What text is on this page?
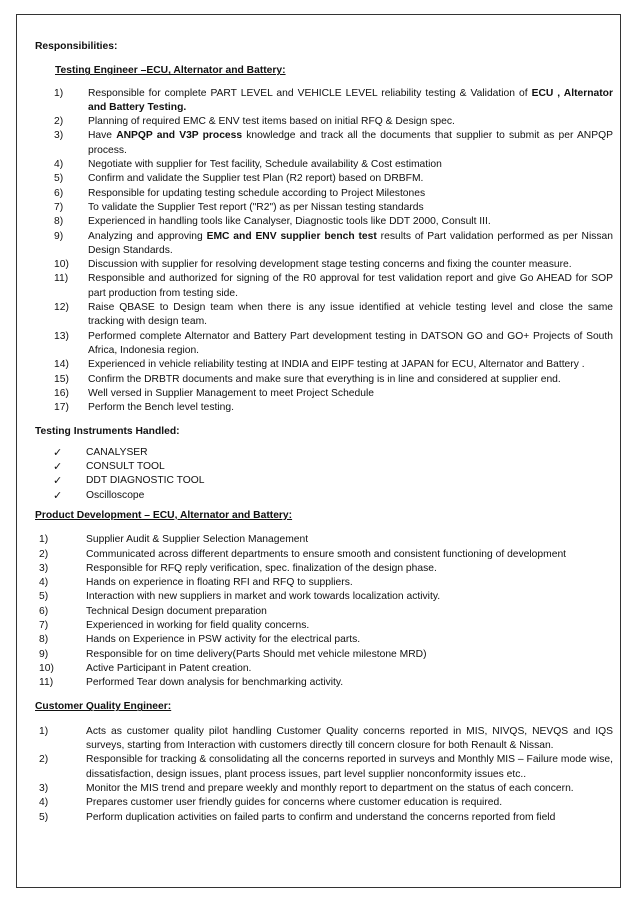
Responsibilities:
Testing Engineer –ECU, Alternator and Battery:
1)	Responsible for complete PART LEVEL and VEHICLE LEVEL reliability testing & Validation of ECU , Alternator and Battery Testing.
2)	Planning of required EMC & ENV test items based on initial RFQ & Design spec.
3)	Have ANPQP and V3P process knowledge and track all the documents that supplier to submit as per ANPQP process.
4)	Negotiate with supplier for Test facility, Schedule availability & Cost estimation
5)	Confirm and validate the Supplier test Plan (R2 report) based on DRBFM.
6)	Responsible for updating testing schedule according to Project Milestones
7)	To validate the Supplier Test report ("R2") as per Nissan testing standards
8)	Experienced in handling tools like Canalyser, Diagnostic tools like DDT 2000, Consult III.
9)	Analyzing and approving EMC and ENV supplier bench test results of Part validation performed as per Nissan Design Standards.
10)	Discussion with supplier for resolving development stage testing concerns and fixing the counter measure.
11)	Responsible and authorized for signing of the R0 approval for test validation report and give Go AHEAD for SOP part production from testing side.
12)	Raise QBASE to Design team when there is any issue identified at vehicle testing level and close the same tracking with design team.
13)	Performed complete Alternator and Battery Part development testing in DATSON GO and GO+ Projects of South Africa, Indonesia region.
14)	Experienced in vehicle reliability testing at INDIA and EIPF testing at JAPAN for ECU, Alternator and Battery .
15)	Confirm the DRBTR documents and make sure that everything is in line and considered at supplier end.
16)	Well versed in Supplier Management to meet Project Schedule
17)	Perform the Bench level testing.
Testing Instruments Handled:
✓	CANALYSER
✓	CONSULT TOOL
✓	DDT DIAGNOSTIC TOOL
✓	Oscilloscope
Product Development – ECU, Alternator and Battery:
1)	Supplier Audit & Supplier Selection Management
2)	Communicated across different departments to ensure smooth and consistent functioning of development
3)	Responsible for RFQ reply verification, spec. finalization of the design phase.
4)	Hands on experience in floating RFI and RFQ to suppliers.
5)	Interaction with new suppliers in market and work towards localization activity.
6)	Technical Design document preparation
7)	Experienced in working for field quality concerns.
8)	Hands on Experience in PSW activity for the electrical parts.
9)	Responsible for on time delivery(Parts Should met vehicle milestone MRD)
10)	Active Participant in Patent creation.
11)	Performed Tear down analysis for benchmarking activity.
Customer Quality Engineer:
1)	Acts as customer quality pilot handling Customer Quality concerns reported in MIS, NIVQS, NEVQS and IQS surveys, starting from Interaction with customers directly till concern closure for both Renault & Nissan.
2)	Responsible for tracking & consolidating all the concerns reported in surveys and Monthly MIS – Failure mode wise, dissatisfaction, design issues, plant process issues, part level supplier nonconformity issues etc..
3)	Monitor the MIS trend and prepare weekly and monthly report to department on the status of each concern.
4)	Prepares customer user friendly guides for concerns where customer education is required.
5)	Perform duplication activities on failed parts to confirm and understand the concerns reported from field
